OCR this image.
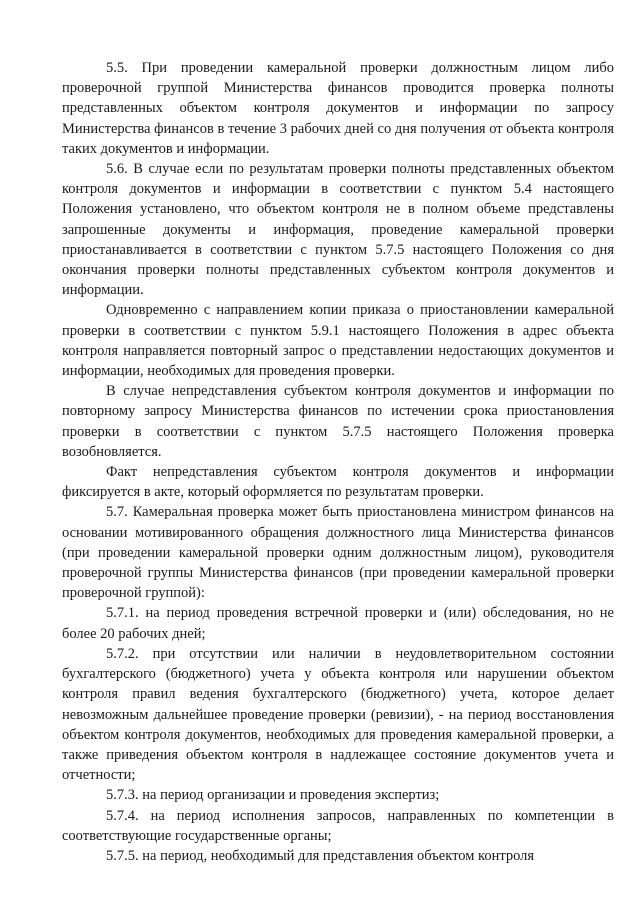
5.5. При проведении камеральной проверки должностным лицом либо проверочной группой Министерства финансов проводится проверка полноты представленных объектом контроля документов и информации по запросу Министерства финансов в течение 3 рабочих дней со дня получения от объекта контроля таких документов и информации.

5.6. В случае если по результатам проверки полноты представленных объектом контроля документов и информации в соответствии с пунктом 5.4 настоящего Положения установлено, что объектом контроля не в полном объеме представлены запрошенные документы и информация, проведение камеральной проверки приостанавливается в соответствии с пунктом 5.7.5 настоящего Положения со дня окончания проверки полноты представленных субъектом контроля документов и информации.

Одновременно с направлением копии приказа о приостановлении камеральной проверки в соответствии с пунктом 5.9.1 настоящего Положения в адрес объекта контроля направляется повторный запрос о представлении недостающих документов и информации, необходимых для проведения проверки.

В случае непредставления субъектом контроля документов и информации по повторному запросу Министерства финансов по истечении срока приостановления проверки в соответствии с пунктом 5.7.5 настоящего Положения проверка возобновляется.

Факт непредставления субъектом контроля документов и информации фиксируется в акте, который оформляется по результатам проверки.

5.7. Камеральная проверка может быть приостановлена министром финансов на основании мотивированного обращения должностного лица Министерства финансов (при проведении камеральной проверки одним должностным лицом), руководителя проверочной группы Министерства финансов (при проведении камеральной проверки проверочной группой):

5.7.1. на период проведения встречной проверки и (или) обследования, но не более 20 рабочих дней;

5.7.2. при отсутствии или наличии в неудовлетворительном состоянии бухгалтерского (бюджетного) учета у объекта контроля или нарушении объектом контроля правил ведения бухгалтерского (бюджетного) учета, которое делает невозможным дальнейшее проведение проверки (ревизии), - на период восстановления объектом контроля документов, необходимых для проведения камеральной проверки, а также приведения объектом контроля в надлежащее состояние документов учета и отчетности;

5.7.3. на период организации и проведения экспертиз;

5.7.4. на период исполнения запросов, направленных по компетенции в соответствующие государственные органы;

5.7.5. на период, необходимый для представления объектом контроля
